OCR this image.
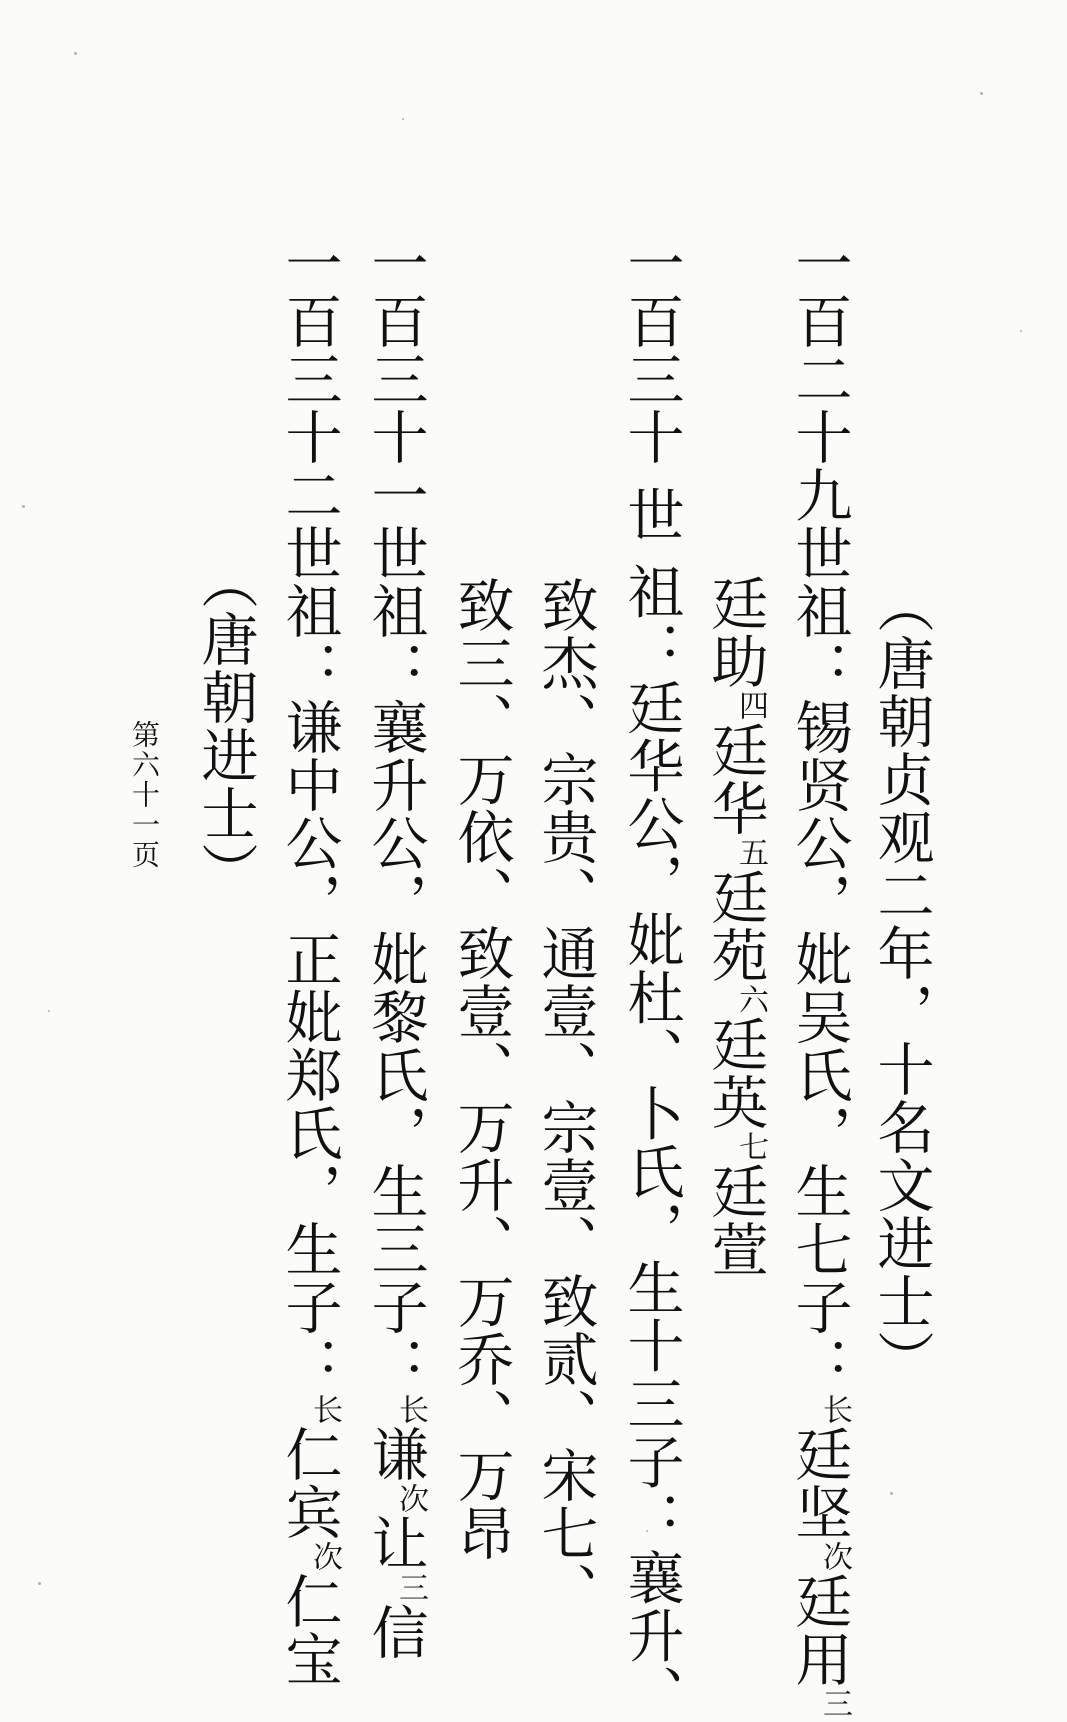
（唐朝贞观二年，十名文进士）
一百二十九世祖：锡贤公，妣吴氏，生七子：长廷坚次廷用三
廷助四廷华五廷苑六廷英七廷萱
一百三十 世 祖：廷华公，妣杜、卜氏，生十三子：襄升、
致杰、宗贵、通壹、宗壹、致贰、宋七、
致三、万依、致壹、万升、万乔、万昂
一百三十一世祖：襄升公，妣黎氏，生三子：长谦次让三信
一百三十二世祖：谦中公，正妣郑氏，生子：长仁宾次仁宝
（唐朝进士）
第六十一页
